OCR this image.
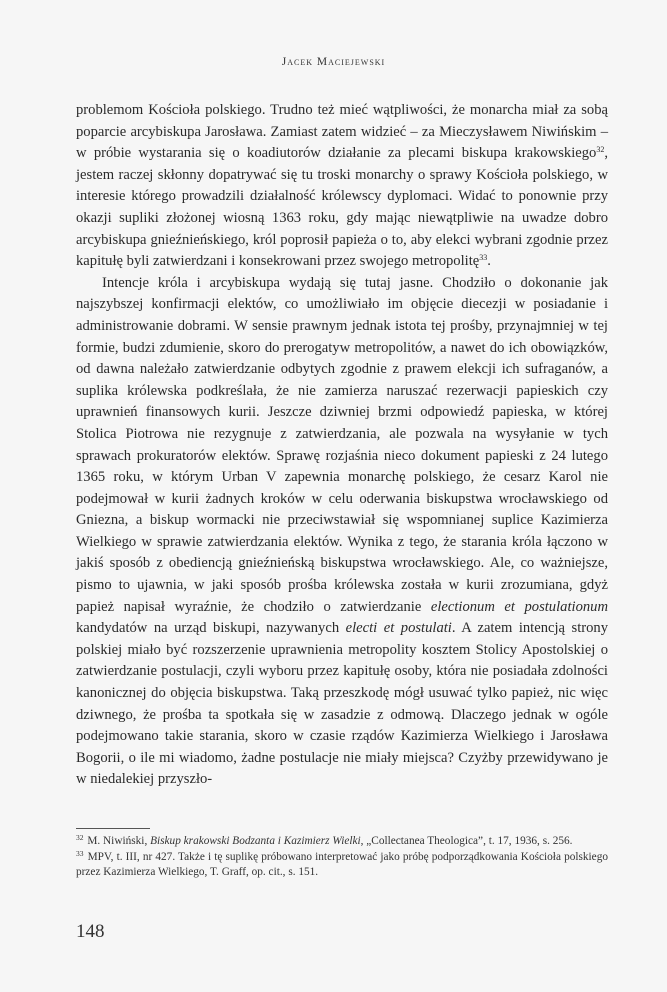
Jacek Maciejewski

problemom Kościoła polskiego. Trudno też mieć wątpliwości, że monarcha miał za sobą poparcie arcybiskupa Jarosława. Zamiast zatem widzieć – za Mieczysławem Niwińskim – w próbie wystarania się o koadiutorów działanie za plecami biskupa krakowskiego$^{32}$, jestem raczej skłonny dopatrywać się tu troski monarchy o sprawy Kościoła polskiego, w interesie którego prowadzili działalność królewscy dyplomaci. Widać to ponownie przy okazji supliki złożonej wiosną 1363 roku, gdy mając niewątpliwie na uwadze dobro arcybiskupa gnieźnieńskiego, król poprosił papieża o to, aby elekci wybrani zgodnie przez kapitułę byli zatwierdzani i konsekrowani przez swojego metropolitę$^{33}$.

Intencje króla i arcybiskupa wydają się tutaj jasne. Chodziło o dokonanie jak najszybszej konfirmacji elektów, co umożliwiało im objęcie diecezji w posiadanie i administrowanie dobrami. W sensie prawnym jednak istota tej prośby, przynajmniej w tej formie, budzi zdumienie, skoro do prerogatyw metropolitów, a nawet do ich obowiązków, od dawna należało zatwierdzanie odbytych zgodnie z prawem elekcji ich sufraganów, a suplika królewska podkreślała, że nie zamierza naruszać rezerwacji papieskich czy uprawnień finansowych kurii. Jeszcze dziwniej brzmi odpowiedź papieska, w której Stolica Piotrowa nie rezygnuje z zatwierdzania, ale pozwala na wysyłanie w tych sprawach prokuratorów elektów. Sprawę rozjaśnia nieco dokument papieski z 24 lutego 1365 roku, w którym Urban V zapewnia monarchę polskiego, że cesarz Karol nie podejmował w kurii żadnych kroków w celu oderwania biskupstwa wrocławskiego od Gniezna, a biskup wormacki nie przeciwstawiał się wspomnianej suplice Kazimierza Wielkiego w sprawie zatwierdzania elektów. Wynika z tego, że starania króla łączono w jakiś sposób z obediencją gnieźnieńską biskupstwa wrocławskiego. Ale, co ważniejsze, pismo to ujawnia, w jaki sposób prośba królewska została w kurii zrozumiana, gdyż papież napisał wyraźnie, że chodziło o zatwierdzanie electionum et postulationum kandydatów na urząd biskupi, nazywanych electi et postulati. A zatem intencją strony polskiej miało być rozszerzenie uprawnienia metropolity kosztem Stolicy Apostolskiej o zatwierdzanie postulacji, czyli wyboru przez kapitułę osoby, która nie posiadała zdolności kanonicznej do objęcia biskupstwa. Taką przeszkodę mógł usuwać tylko papież, nic więc dziwnego, że prośba ta spotkała się w zasadzie z odmową. Dlaczego jednak w ogóle podejmowano takie starania, skoro w czasie rządów Kazimierza Wielkiego i Jarosława Bogorii, o ile mi wiadomo, żadne postulacje nie miały miejsca? Czyżby przewidywano je w niedalekiej przyszło-

$^{32}$ M. Niwiński, Biskup krakowski Bodzanta i Kazimierz Wielki, „Collectanea Theologica”, t. 17, 1936, s. 256.

$^{33}$ MPV, t. III, nr 427. Także i tę suplikę próbowano interpretować jako próbę podporządkowania Kościoła polskiego przez Kazimierza Wielkiego, T. Graff, op. cit., s. 151.

148
